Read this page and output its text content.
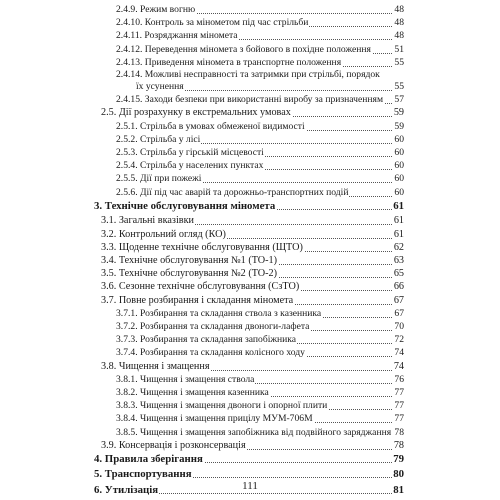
2.4.9. Режим вогню	48
2.4.10. Контроль за мінометом під час стрільби	48
2.4.11. Розряджання міномета	48
2.4.12. Переведення міномета з бойового в похідне положення 51
2.4.13. Приведення міномета в транспортне положення	55
2.4.14. Можливі несправності та затримки при стрільбі, порядок
їх усунення	55
2.4.15. Заходи безпеки при використанні виробу за призначенням 57
2.5. Дії розрахунку в екстремальних умовах	59
2.5.1. Стрільба в умовах обмеженої видимості	59
2.5.2. Стрільба у лісі	60
2.5.3. Стрільба у гірській місцевості	60
2.5.4. Стрільба у населених пунктах	60
2.5.5. Дії при пожежі	60
2.5.6. Дії під час аварій та дорожньо-транспортних подій	60
3. Технічне обслуговування міномета	61
3.1. Загальні вказівки	61
3.2. Контрольний огляд (КО)	61
3.3. Щоденне технічне обслуговування (ЩТО)	62
3.4. Технічне обслуговування №1 (ТО-1)	63
3.5. Технічне обслуговування №2 (ТО-2)	65
3.6. Сезонне технічне обслуговування (СзТО)	66
3.7. Повне розбирання і складання міномета	67
3.7.1. Розбирання та складання ствола з казенника	67
3.7.2. Розбирання та складання двоноги-лафета	70
3.7.3. Розбирання та складання запобіжника	72
3.7.4. Розбирання та складання колісного ходу	74
3.8. Чищення і змащення	74
3.8.1. Чищення і змащення ствола	76
3.8.2. Чищення і змащення казенника	77
3.8.3. Чищення і змащення двоноги і опорної плити	77
3.8.4. Чищення і змащення прицілу МУМ-706М	77
3.8.5. Чищення і змащення запобіжника від подвійного заряджання 78
3.9. Консервація і розконсервація	78
4. Правила зберігання	79
5. Транспортування	80
6. Утилізація	81
111
